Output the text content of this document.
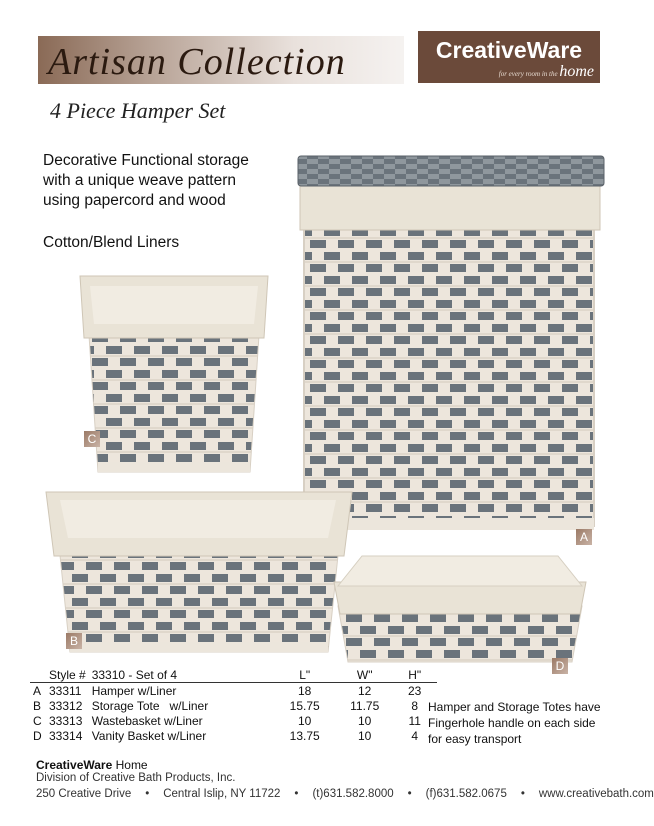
Artisan Collection	CreativeWare
for every room in the home
4 Piece Hamper Set
Decorative Functional storage
with a unique weave pattern
using papercord and wood
Cotton/Blend Liners
A
C
B
D
	Style #	33310 - Set of 4	L"	W"	H"
A	33311	Hamper w/Liner	18	12	23
B	33312	Storage Tote   w/Liner	15.75	11.75	8
C	33313	Wastebasket w/Liner	10	10	11
D	33314	Vanity Basket w/Liner	13.75	10	4
Hamper and Storage Totes have Fingerhole handle on each side for easy transport
CreativeWare Home
Division of Creative Bath Products, Inc.
250 Creative Drive • Central Islip, NY 11722 • (t)631.582.8000 • (f)631.582.0675 • www.creativebath.com
